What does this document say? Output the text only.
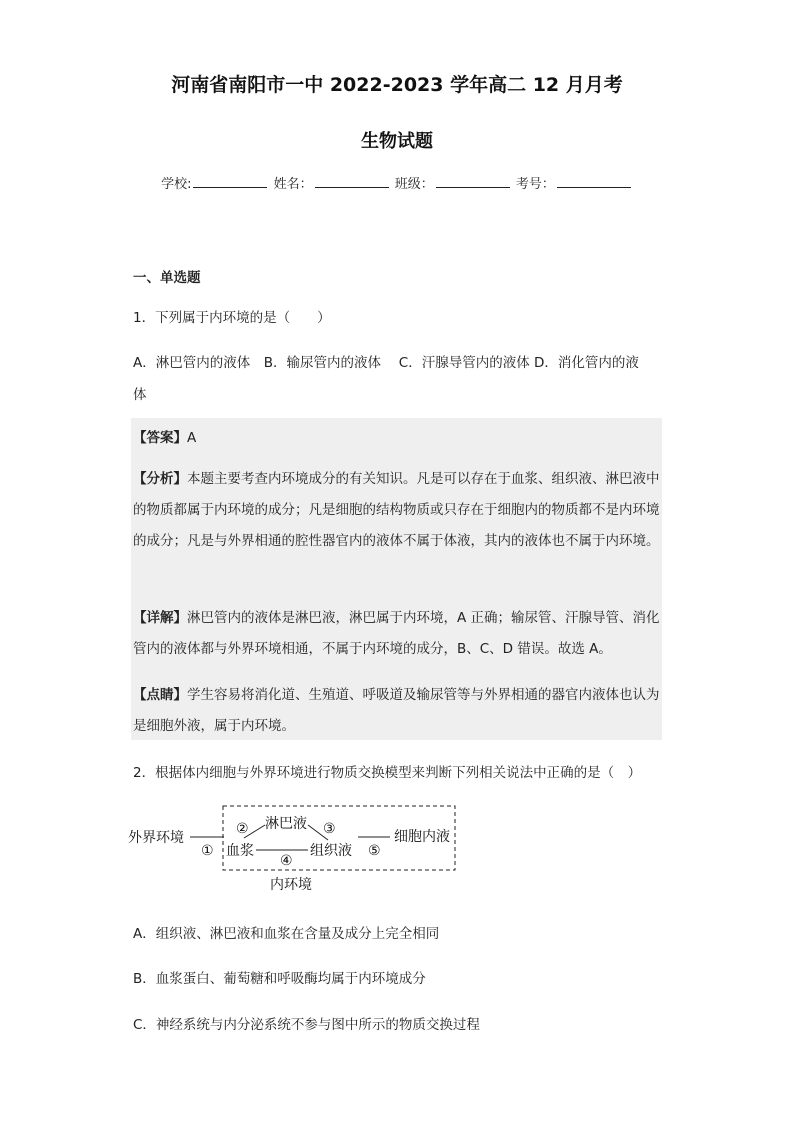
河南省南阳市一中 2022-2023 学年高二 12 月月考
生物试题
学校:	姓名：	班级：	考号：
一、单选题
1．下列属于内环境的是（　　）
A．淋巴管内的液体　B．输尿管内的液体　 C．汗腺导管内的液体 D．消化管内的液
体
【答案】A
【分析】本题主要考查内环境成分的有关知识。凡是可以存在于血浆、组织液、淋巴液中的物质都属于内环境的成分；凡是细胞的结构物质或只存在于细胞内的物质都不是内环境的成分；凡是与外界相通的腔性器官内的液体不属于体液，其内的液体也不属于内环境。
【详解】淋巴管内的液体是淋巴液，淋巴属于内环境，A 正确；输尿管、汗腺导管、消化管内的液体都与外界环境相通，不属于内环境的成分，B、C、D 错误。故选 A。
【点睛】学生容易将消化道、生殖道、呼吸道及输尿管等与外界相通的器官内液体也认为是细胞外液，属于内环境。
2．根据体内细胞与外界环境进行物质交换模型来判断下列相关说法中正确的是（　）
外界环境
①
② 淋巴液 ③
血浆
④
组织液 ⑤
细胞内液
内环境
A．组织液、淋巴液和血浆在含量及成分上完全相同
B．血浆蛋白、葡萄糖和呼吸酶均属于内环境成分
C．神经系统与内分泌系统不参与图中所示的物质交换过程
